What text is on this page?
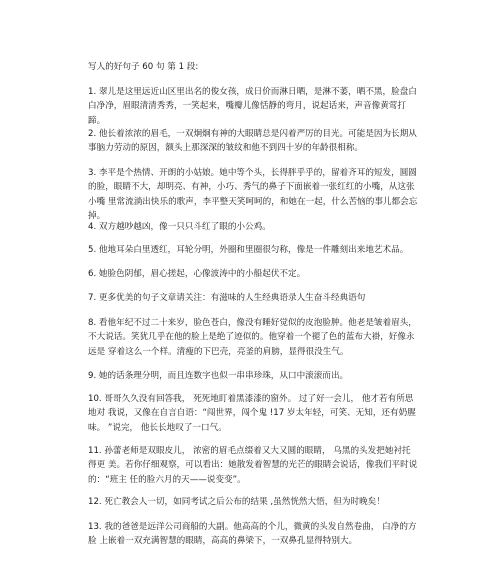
写人的好句子 60 句 第 1 段:
1. 翠儿是这里远近山区里出名的俊女孩，成日价而淋日晒，是淋不萎，晒不黑，脸盘白 白净净，眉眼清清秀秀，一笑起来，嘴瓣儿像恬静的弯月，说起话来，声音像黄莺打蹄。
2. 他长着浓浓的眉毛，一双炯炯有神的大眼睛总是闪着严厉的目光。可能是因为长期从 事脑力劳动的原因，额头上那深深的皱纹和他不到四十岁的年龄很相称。
3. 李平是个热情、开朗的小姑娘。她中等个头，长得胖乎乎的，留着齐耳的短发，圆圆 的脸，眼睛不大，却明亮、有神，小巧、秀气的鼻子下面嵌着一张红红的小嘴，从这张小嘴 里常流淌出快乐的歌声，李平整天笑呵呵的，和她在一起，什么苦恼的事儿都会忘掉。
4. 双方越吵越凶，像一只只斗红了眼的小公鸡。
5. 他地耳朵白里透红，耳轮分明，外圈和里圈很匀称，像是一件雕刻出来地艺术品。
6. 她脸色阴郁，眉心搓起，心像波涛中的小船起伏不定。
7. 更多优美的句子文章请关注：有滋味的人生经典语录人生奋斗经典语句
8. 看他年纪不过二十来岁，脸色苍白，像没有睡好觉似的皮泡脸肿。他老是皱着眉头， 不大说话。笑犹几乎在他的脸上是绝了迹似的。他穿着一个褪了色的蓝布大褂，好像永远是 穿着这么一个样。清瘦的下巴壳，亮釜的肩膀，显得很没生气。
9. 她的话条理分明，而且连数字也似一串串珍珠，从口中滚滚而出。
10. 哥哥久久没有回答我， 死死地盯着黑漆漆的窗外。 过了好一会儿， 他才若有所思地对 我说，又像在自言自语：“闯世界，闯个鬼 !17 岁太年轻，可笑、无知，还有奶腥味。 ”说完， 他长长地叹了一口气。
11. 孙蕾老师是双眼皮儿， 浓密的眉毛点缀着又大又圆的眼睛， 乌黑的头发把她衬托得更 美。若你仔细观察，可以看出：她散发着智慧的光芒的眼睛会说话，像我们平时说的：“班主 任的脸六月的天——说变变”。
12. 死亡教会人一切，如同考试之后公布的结果 ,虽然恍然大悟，但为时晚矣！
13. 我的爸爸是远洋公司商船的大副。他高高的个儿，微黄的头发自然卷曲， 白净的方脸 上嵌着一双充满智慧的眼睛，高高的鼻梁下，一双鼻孔显得特别大。
